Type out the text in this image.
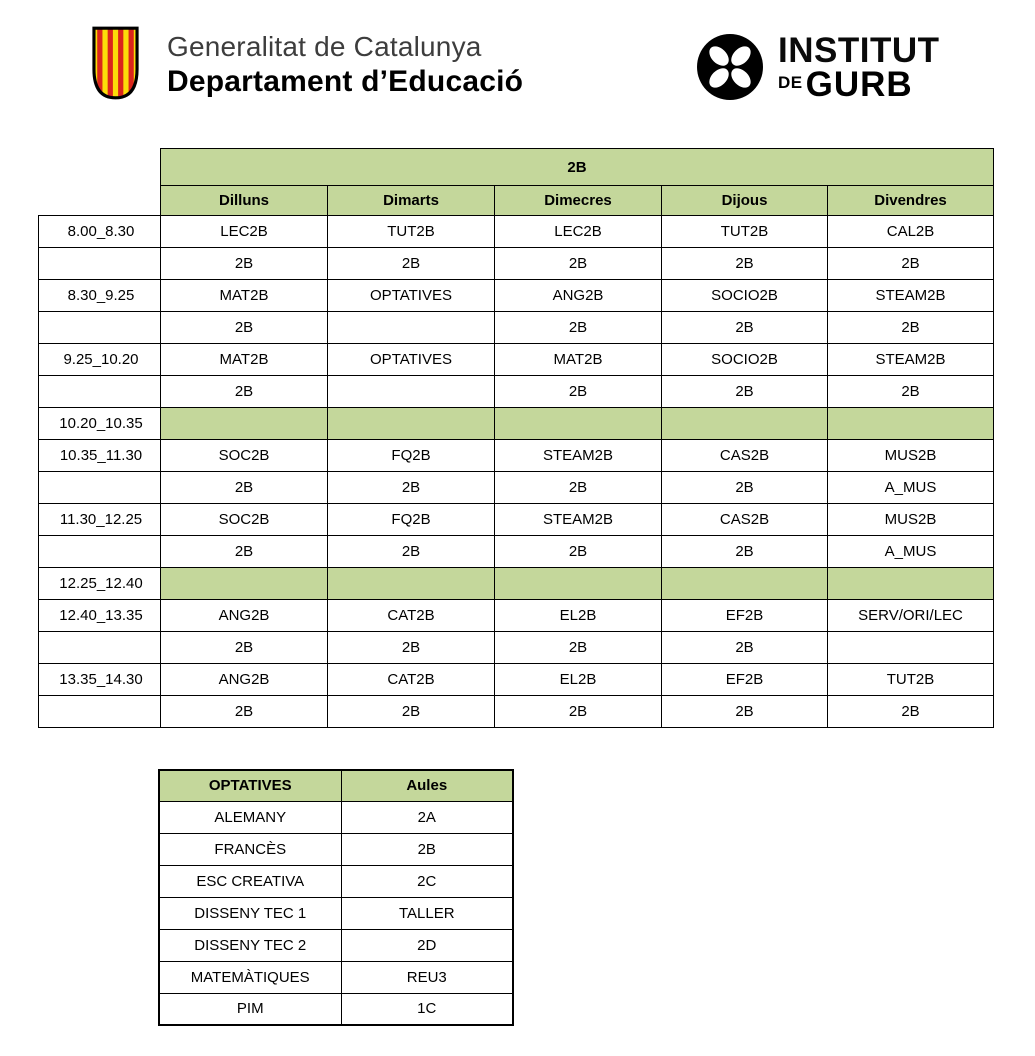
Generalitat de Catalunya
Departament d’Educació
INSTITUT
DE GURB
	2B				
	Dilluns	Dimarts	Dimecres	Dijous	Divendres
8.00_8.30	LEC2B	TUT2B	LEC2B	TUT2B	CAL2B
	2B	2B	2B	2B	2B
8.30_9.25	MAT2B	OPTATIVES	ANG2B	SOCIO2B	STEAM2B
	2B		2B	2B	2B
9.25_10.20	MAT2B	OPTATIVES	MAT2B	SOCIO2B	STEAM2B
	2B		2B	2B	2B
10.20_10.35					
10.35_11.30	SOC2B	FQ2B	STEAM2B	CAS2B	MUS2B
	2B	2B	2B	2B	A_MUS
11.30_12.25	SOC2B	FQ2B	STEAM2B	CAS2B	MUS2B
	2B	2B	2B	2B	A_MUS
12.25_12.40					
12.40_13.35	ANG2B	CAT2B	EL2B	EF2B	SERV/ORI/LEC
	2B	2B	2B	2B	
13.35_14.30	ANG2B	CAT2B	EL2B	EF2B	TUT2B
	2B	2B	2B	2B	2B
OPTATIVES	Aules
ALEMANY	2A
FRANCÈS	2B
ESC CREATIVA	2C
DISSENY TEC 1	TALLER
DISSENY TEC 2	2D
MATEMÀTIQUES	REU3
PIM	1C
